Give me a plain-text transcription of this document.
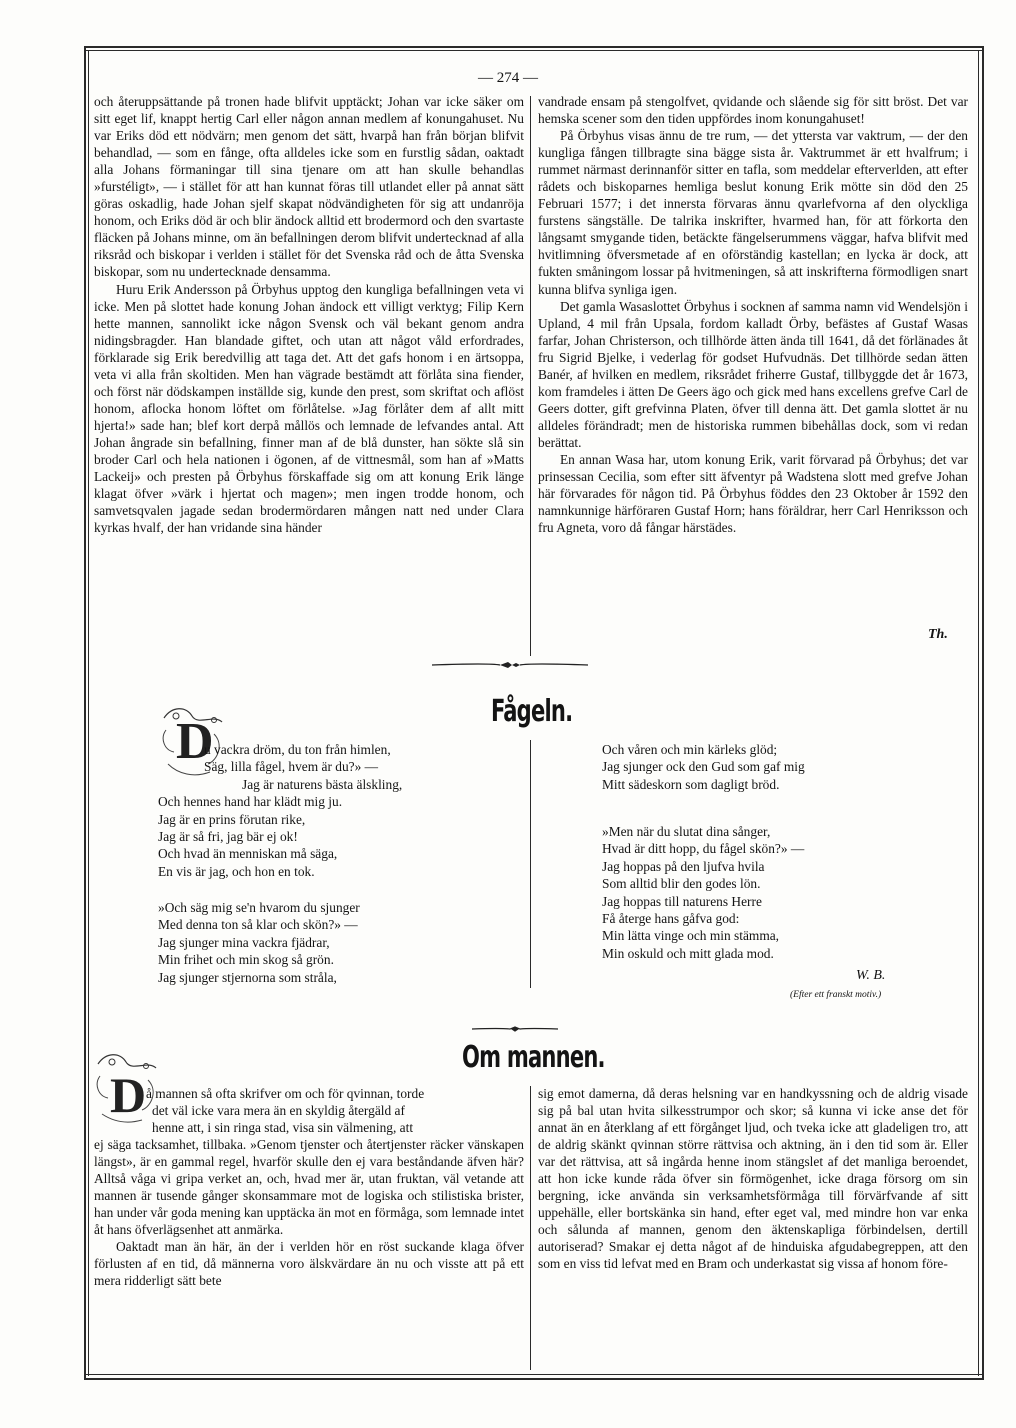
— 274 —

och återuppsättande på tronen hade blifvit upptäckt; Johan var icke säker om sitt eget lif, knappt hertig Carl eller någon annan medlem af konungahuset. Nu var Eriks död ett nödvärn; men genom det sätt, hvarpå han från början blifvit behandlad, — som en fånge, ofta alldeles icke som en furstlig sådan, oaktadt alla Johans förmaningar till sina tjenare om att han skulle behandlas »furstéligt», — i stället för att han kunnat föras till utlandet eller på annat sätt göras oskadlig, hade Johan sjelf skapat nödvändigheten för sig att undanröja honom, och Eriks död är och blir ändock alltid ett brodermord och den svartaste fläcken på Johans minne, om än befallningen derom blifvit undertecknad af alla riksråd och biskopar i verlden i stället för det Svenska råd och de åtta Svenska biskopar, som nu undertecknade densamma.

Huru Erik Andersson på Örbyhus upptog den kungliga befallningen veta vi icke. Men på slottet hade konung Johan ändock ett villigt verktyg; Filip Kern hette mannen, sannolikt icke någon Svensk och väl bekant genom andra nidingsbragder. Han blandade giftet, och utan att något våld erfordrades, förklarade sig Erik beredvillig att taga det. Att det gafs honom i en ärtsoppa, veta vi alla från skoltiden. Men han vägrade bestämdt att förlåta sina fiender, och först när dödskampen inställde sig, kunde den prest, som skriftat och aflöst honom, aflocka honom löftet om förlåtelse. »Jag förlåter dem af allt mitt hjerta!» sade han; blef kort derpå mållös och lemnade de lefvandes antal. Att Johan ångrade sin befallning, finner man af de blå dunster, han sökte slå sin broder Carl och hela nationen i ögonen, af de vittnesmål, som han af »Matts Lackeij» och presten på Örbyhus förskaffade sig om att konung Erik länge klagat öfver »värk i hjertat och magen»; men ingen trodde honom, och samvetsqvalen jagade sedan brodermördaren mången natt ned under Clara kyrkas hvalf, der han vridande sina händer

vandrade ensam på stengolfvet, qvidande och slående sig för sitt bröst. Det var hemska scener som den tiden uppfördes inom konungahuset!

På Örbyhus visas ännu de tre rum, — det yttersta var vaktrum, — der den kungliga fången tillbragte sina bägge sista år. Vaktrummet är ett hvalfrum; i rummet närmast derinnanför sitter en tafla, som meddelar efterverlden, att efter rådets och biskoparnes hemliga beslut konung Erik mötte sin död den 25 Februari 1577; i det innersta förvaras ännu qvarlefvorna af den olyckliga furstens sängställe. De talrika inskrifter, hvarmed han, för att förkorta den långsamt smygande tiden, betäckte fängelserummens väggar, hafva blifvit med hvitlimning öfversmetade af en oförständig kastellan; en lycka är dock, att fukten småningom lossar på hvitmeningen, så att inskrifterna förmodligen snart kunna blifva synliga igen.

Det gamla Wasaslottet Örbyhus i socknen af samma namn vid Wendelsjön i Upland, 4 mil från Upsala, fordom kalladt Örby, befästes af Gustaf Wasas farfar, Johan Christerson, och tillhörde ätten ända till 1641, då det förlänades åt fru Sigrid Bjelke, i vederlag för godset Hufvudnäs. Det tillhörde sedan ätten Banér, af hvilken en medlem, riksrådet friherre Gustaf, tillbyggde det år 1673, kom framdeles i ätten De Geers ägo och gick med hans excellens grefve Carl de Geers dotter, gift grefvinna Platen, öfver till denna ätt. Det gamla slottet är nu alldeles förändradt; men de historiska rummen bibehållas dock, som vi redan berättat.

En annan Wasa har, utom konung Erik, varit förvarad på Örbyhus; det var prinsessan Cecilia, som efter sitt äfventyr på Wadstena slott med grefve Johan här förvarades för någon tid. På Örbyhus föddes den 23 Oktober år 1592 den namnkunnige härföraren Gustaf Horn; hans föräldrar, herr Carl Henriksson och fru Agneta, voro då fångar härstädes.

Th.
Fågeln.
D
u vackra dröm, du ton från himlen,
Säg, lilla fågel, hvem är du?» —
Jag är naturens bästa älskling,
Och hennes hand har klädt mig ju.
Jag är en prins förutan rike,
Jag är så fri, jag bär ej ok!
Och hvad än menniskan må säga,
En vis är jag, och hon en tok.
»Och säg mig se'n hvarom du sjunger
Med denna ton så klar och skön?» —
Jag sjunger mina vackra fjädrar,
Min frihet och min skog så grön.
Jag sjunger stjernorna som stråla,
Och våren och min kärleks glöd;
Jag sjunger ock den Gud som gaf mig
Mitt sädeskorn som dagligt bröd.
»Men när du slutat dina sånger,
Hvad är ditt hopp, du fågel skön?» —
Jag hoppas på den ljufva hvila
Som alltid blir den godes lön.
Jag hoppas till naturens Herre
Få återge hans gåfva god:
Min lätta vinge och min stämma,
Min oskuld och mitt glada mod.
W. B.
(Efter ett franskt motiv.)
Om mannen.
D å mannen så ofta skrifver om och för qvinnan, torde
det väl icke vara mera än en skyldig återgäld af
henne att, i sin ringa stad, visa sin välmening, att

ej säga tacksamhet, tillbaka. »Genom tjenster och återtjenster räcker vänskapen längst», är en gammal regel, hvarför skulle den ej vara beståndande äfven här? Alltså våga vi gripa verket an, och, hvad mer är, utan fruktan, väl vetande att mannen är tusende gånger skonsammare mot de logiska och stilistiska brister, han under vår goda mening kan upptäcka än mot en förmåga, som lemnade intet åt hans öfverlägsenhet att anmärka.

Oaktadt man än här, än der i verlden hör en röst suckande klaga öfver förlusten af en tid, då männerna voro älskvärdare än nu och visste att på ett mera ridderligt sätt bete

sig emot damerna, då deras helsning var en handkyssning och de aldrig visade sig på bal utan hvita silkesstrumpor och skor; så kunna vi icke anse det för annat än en återklang af ett förgånget ljud, och tveka icke att gladeligen tro, att de aldrig skänkt qvinnan större rättvisa och aktning, än i den tid som är. Eller var det rättvisa, att så ingårda henne inom stängslet af det manliga beroendet, att hon icke kunde råda öfver sin förmögenhet, icke draga försorg om sin bergning, icke använda sin verksamhetsförmåga till förvärfvande af sitt uppehälle, eller bortskänka sin hand, efter eget val, med mindre hon var enka och sålunda af mannen, genom den äktenskapliga förbindelsen, dertill autoriserad? Smakar ej detta något af de hinduiska afgudabegreppen, att den som en viss tid lefvat med en Bram och underkastat sig vissa af honom före-
